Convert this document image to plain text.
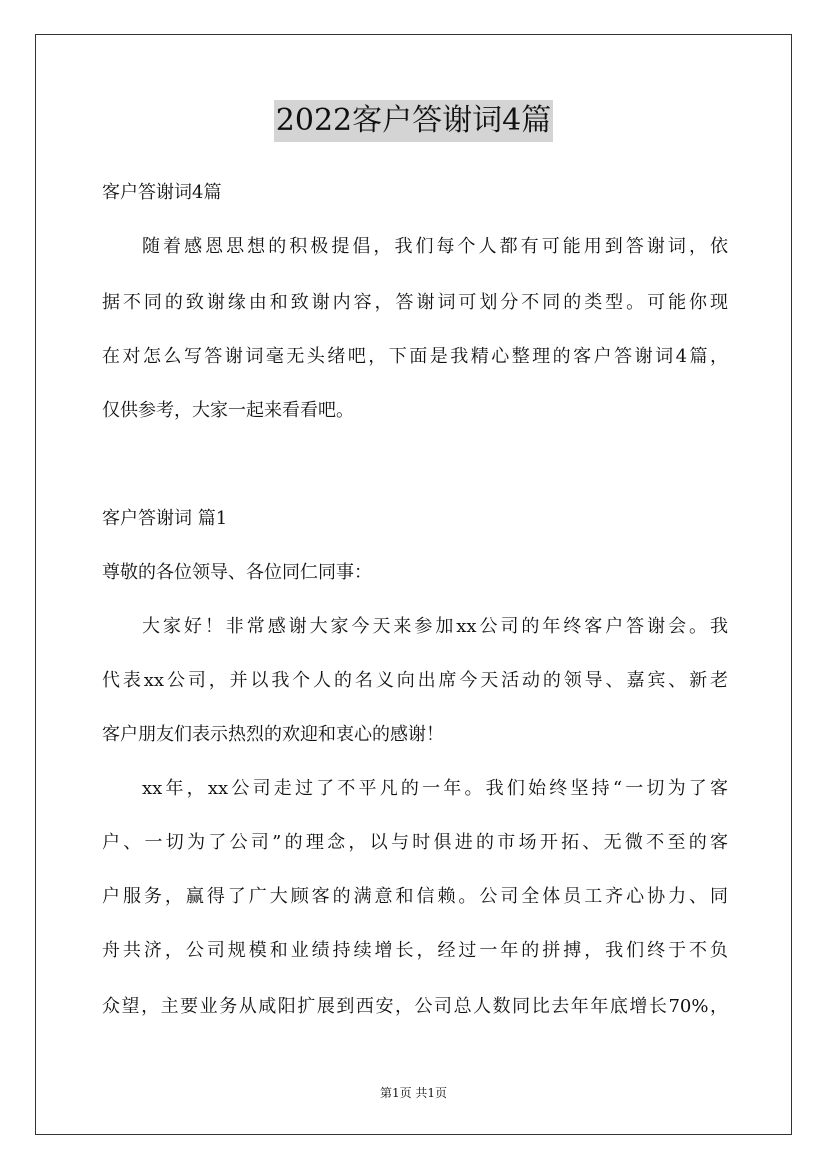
2022客户答谢词4篇
客户答谢词4篇
随着感恩思想的积极提倡，我们每个人都有可能用到答谢词，依
据不同的致谢缘由和致谢内容，答谢词可划分不同的类型。可能你现
在对怎么写答谢词毫无头绪吧，下面是我精心整理的客户答谢词4篇，
仅供参考，大家一起来看看吧。
客户答谢词 篇1
尊敬的各位领导、各位同仁同事：
大家好！非常感谢大家今天来参加xx公司的年终客户答谢会。我
代表xx公司，并以我个人的名义向出席今天活动的领导、嘉宾、新老
客户朋友们表示热烈的欢迎和衷心的感谢！
xx年，xx公司走过了不平凡的一年。我们始终坚持“一切为了客
户、一切为了公司”的理念，以与时俱进的市场开拓、无微不至的客
户服务，赢得了广大顾客的满意和信赖。公司全体员工齐心协力、同
舟共济，公司规模和业绩持续增长，经过一年的拼搏，我们终于不负
众望，主要业务从咸阳扩展到西安，公司总人数同比去年年底增长70%，
第1页 共1页
